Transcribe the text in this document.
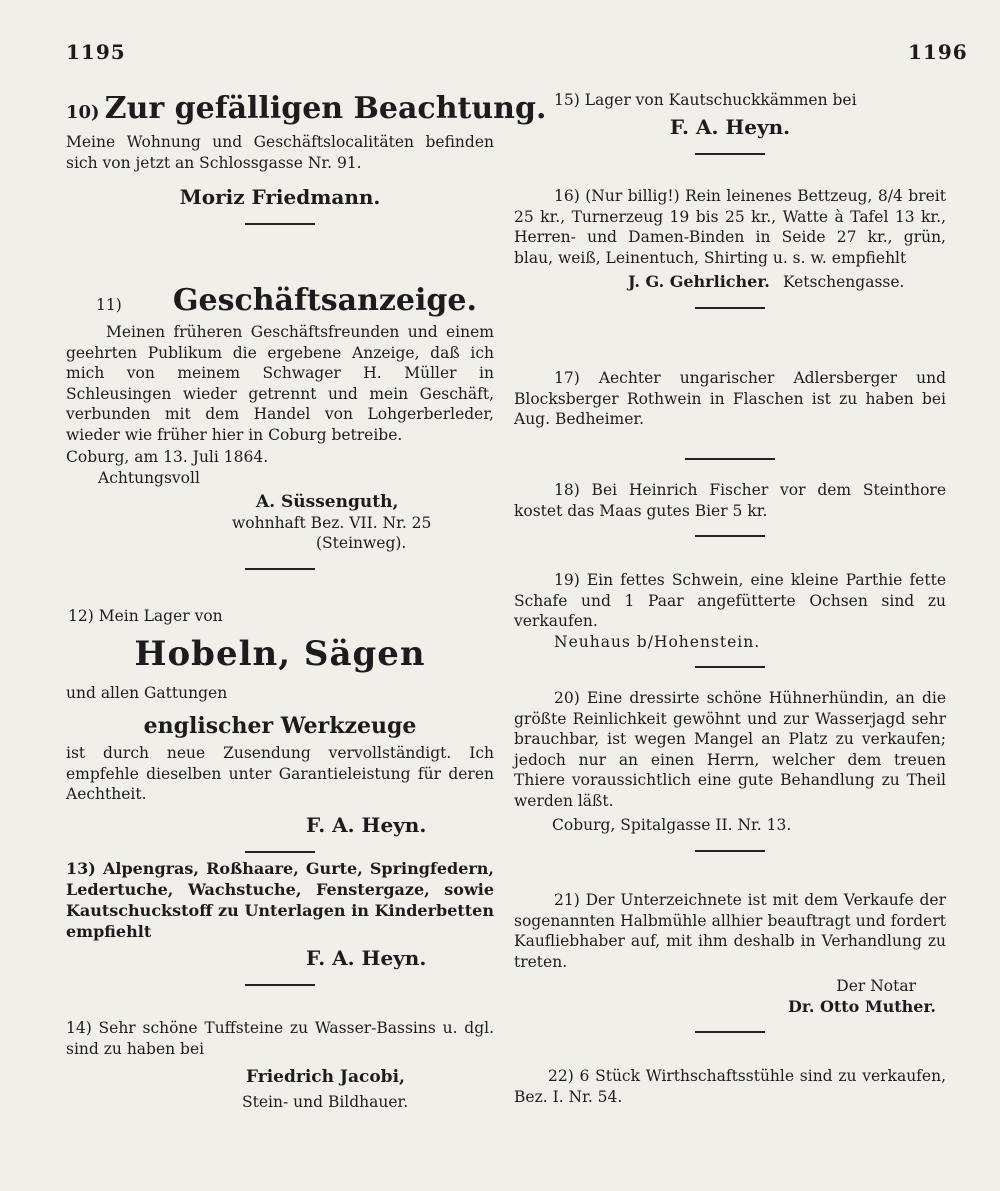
1195	1196
10) Zur gefälligen Beachtung.

Meine Wohnung und Geschäftslocalitäten befinden sich von jetzt an Schlossgasse Nr. 91.

Moriz Friedmann.
11) Geschäftsanzeige.

Meinen früheren Geschäftsfreunden und einem geehrten Publikum die ergebene Anzeige, daß ich mich von meinem Schwager H. Müller in Schleusingen wieder getrennt und mein Geschäft, verbunden mit dem Handel von Lohgerberleder, wieder wie früher hier in Coburg betreibe.

Coburg, am 13. Juli 1864.

Achtungsvoll

A. Süssenguth,

wohnhaft Bez. VII. Nr. 25

(Steinweg).

12) Mein Lager von

Hobeln, Sägen

und allen Gattungen

englischer Werkzeuge

ist durch neue Zusendung vervollständigt. Ich empfehle dieselben unter Garantieleistung für deren Aechtheit.

F. A. Heyn.

13) Alpengras, Roßhaare, Gurte, Springfedern, Ledertuche, Wachstuche, Fenstergaze, sowie Kautschuckstoff zu Unterlagen in Kinderbetten empfiehlt

F. A. Heyn.

14) Sehr schöne Tuffsteine zu Wasser-Bassins u. dgl. sind zu haben bei

Friedrich Jacobi,
Stein- und Bildhauer.

15) Lager von Kautschuckkämmen bei

F. A. Heyn.

16) (Nur billig!) Rein leinenes Bettzeug, 8/4 breit 25 kr., Turnerzeug 19 bis 25 kr., Watte à Tafel 13 kr., Herren- und Damen-Binden in Seide 27 kr., grün, blau, weiß, Leinentuch, Shirting u. s. w. empfiehlt

J. G. Gehrlicher. Ketschengasse.

17) Aechter ungarischer Adlersberger und Blocksberger Rothwein in Flaschen ist zu haben bei Aug. Bedheimer.

18) Bei Heinrich Fischer vor dem Steinthore kostet das Maas gutes Bier 5 kr.

19) Ein fettes Schwein, eine kleine Parthie fette Schafe und 1 Paar angefütterte Ochsen sind zu verkaufen.

Neuhaus b/Hohenstein.

20) Eine dressirte schöne Hühnerhündin, an die größte Reinlichkeit gewöhnt und zur Wasserjagd sehr brauchbar, ist wegen Mangel an Platz zu verkaufen; jedoch nur an einen Herrn, welcher dem treuen Thiere voraussichtlich eine gute Behandlung zu Theil werden läßt.

Coburg, Spitalgasse II. Nr. 13.

21) Der Unterzeichnete ist mit dem Verkaufe der sogenannten Halbmühle allhier beauftragt und fordert Kaufliebhaber auf, mit ihm deshalb in Verhandlung zu treten.

Der Notar

Dr. Otto Muther.

22) 6 Stück Wirthschaftsstühle sind zu verkaufen, Bez. I. Nr. 54.
